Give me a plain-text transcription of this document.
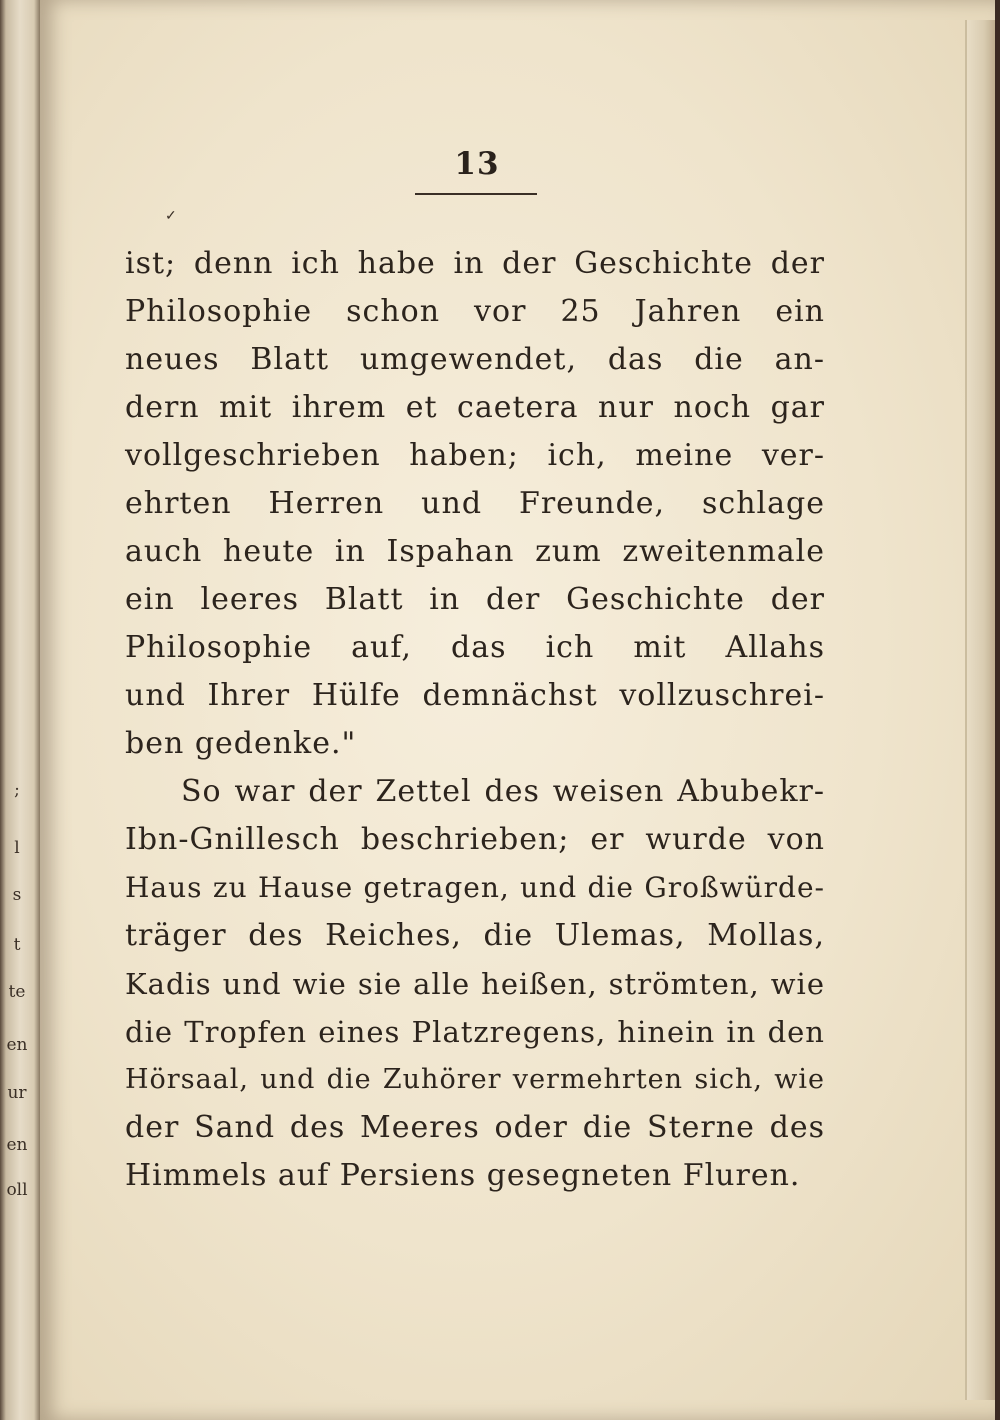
;
l
s
t
te
en
ur
en
oll
13
✓
ist; denn ich habe in der Geschichte der
Philosophie schon vor 25 Jahren ein
neues Blatt umgewendet, das die an-
dern mit ihrem et caetera nur noch gar
vollgeschrieben haben; ich, meine ver-
ehrten Herren und Freunde, schlage
auch heute in Ispahan zum zweitenmale
ein leeres Blatt in der Geschichte der
Philosophie auf, das ich mit Allahs
und Ihrer Hülfe demnächst vollzuschrei-
ben gedenke."
So war der Zettel des weisen Abubekr-
Ibn-Gnillesch beschrieben; er wurde von
Haus zu Hause getragen, und die Großwürde-
träger des Reiches, die Ulemas, Mollas,
Kadis und wie sie alle heißen, strömten, wie
die Tropfen eines Platzregens, hinein in den
Hörsaal, und die Zuhörer vermehrten sich, wie
der Sand des Meeres oder die Sterne des
Himmels auf Persiens gesegneten Fluren.
